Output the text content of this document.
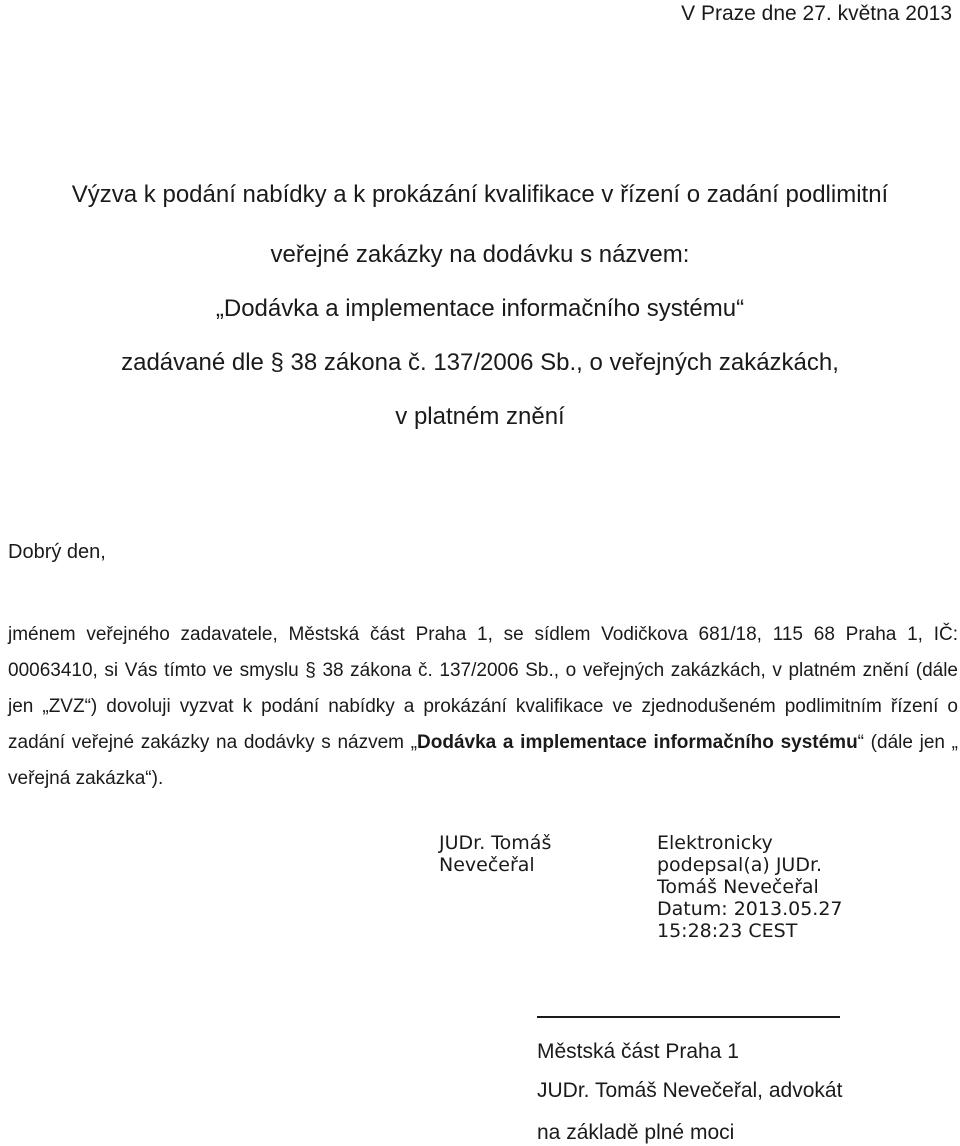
V Praze dne 27. května 2013
Výzva k podání nabídky a k prokázání kvalifikace v řízení o zadání podlimitní
veřejné zakázky na dodávku s názvem:
„Dodávka a implementace informačního systému“
zadávané dle § 38 zákona č. 137/2006 Sb., o veřejných zakázkách,
v platném znění
Dobrý den,
jménem veřejného zadavatele, Městská část Praha 1, se sídlem Vodičkova 681/18, 115 68 Praha 1, IČ: 00063410, si Vás tímto ve smyslu § 38 zákona č. 137/2006 Sb., o veřejných zakázkách, v platném znění (dále jen „ZVZ“) dovoluji vyzvat k podání nabídky a prokázání kvalifikace ve zjednodušeném podlimitním řízení o zadání veřejné zakázky na dodávky s názvem „Dodávka a implementace informačního systému“ (dále jen „ veřejná zakázka“).
JUDr. Tomáš
Nevečeřal
Elektronicky
podepsal(a) JUDr.
Tomáš Nevečeřal
Datum: 2013.05.27
15:28:23 CEST
Městská část Praha 1
JUDr. Tomáš Nevečeřal, advokát
na základě plné moci
